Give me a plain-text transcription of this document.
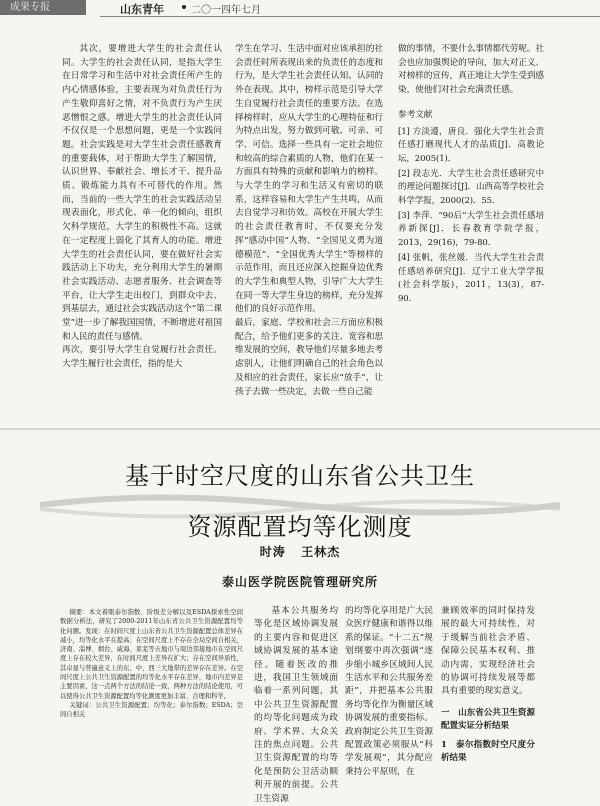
成果专报	山东青年	二〇一四年七月

其次，要增进大学生的社会责任认同。大学生的社会责任认同，是指大学生在日常学习和生活中对社会责任所产生的内心情感体验，主要表现为对负责任行为产生敬仰喜好之情，对不负责行为产生厌恶憎恨之感。增进大学生的社会责任认同不仅仅是一个思想问题，更是一个实践问题。社会实践是对大学生社会责任感教育的重要载体，对于帮助大学生了解国情，认识世界、奉献社会、增长才干、提升品质、锻炼能力具有不可替代的作用。然而，当前的一些大学生的社会实践活动呈现表面化，形式化、单一化的倾向，组织欠科学规范，大学生的积极性不高。这就在一定程度上弱化了其育人的功能。增进大学生的社会责任认同，要在做好社会实践活动上下功夫，充分利用大学生的暑期社会实践活动、志愿者服务、社会调查等平台，让大学生走出校门，到群众中去、到基层去，通过社会实践活动这个“第二课堂”进一步了解我国国情，不断增进对祖国和人民的责任与感情。
再次，要引导大学生自觉履行社会责任。大学生履行社会责任，指的是大

学生在学习、生活中面对应该承担的社会责任时所表现出来的负责任的态度和行为，是大学生社会责任认知、认同的外在表现。其中，榜样示范是引导大学生自觉履行社会责任的重要方法。在选择榜样时，应从大学生的心理特征和行为特点出发，努力做到可敬、可亲、可学、可信。选择一些具有一定社会地位和较高的综合素质的人物，他们在某一方面具有特殊的贡献和影响力的榜样。与大学生的学习和生活又有密切的联系，这样容易和大学生产生共鸣，从而去自觉学习和仿效。高校在开展大学生的社会责任教育时，不仅要充分发挥“感动中国”人物、“全国见义勇为道德模范”、“全国优秀大学生”等榜样的示范作用，而且还应深入挖掘身边优秀的大学生和典型人物，引导广大大学生在同一等大学生身边的榜样，充分发挥他们的良好示范作用。
最后，家庭、学校和社会三方面应积极配合，给予他们更多的关注、宽容和思维发展的空间，教导他们尽量多地去考虑别人，让他们明确自己的社会角色以及相应的社会责任，家长应“放手”，让孩子去做一些决定，去做一些自己能

做的事情，不要什么事情都代劳呢。社会也应加强舆论的导向，加大对正义、对榜样的宣传，真正地让大学生受到感染，使他们对社会充满责任感。

参考文献

[1] 方淡遵，唐良．强化大学生社会责任感打磨现代人才的品质[J]．高教论坛，2005(1)．

[2] 段志光．大学生社会责任感研究中的理论问题探讨[J]．山西高等学校社会科学学报，2000(2)．55．

[3] 李萍．“90后”大学生社会责任感培养新探[J]．长春教育学院学报，2013，29(16)，79-80．

[4] 张帆，张丝媛．当代大学生社会责任感培养研究[J]．辽宁工业大学学报(社会科学版)，2011，13(3)，87-90．

基于时空尺度的山东省公共卫生
资源配置均等化测度
时涛   王林杰
泰山医学院医院管理研究所

摘要：本文着眼泰尔指数、阶级差分解以及ESDA探索性空间数据分析法，研究了2000-2011年山东省公共卫生资源配置均等化问题。发现：在时间尺度上山东省公共卫生资源配置总体差异在减小，均等化水平在提高；在空间尺度上不存在全局空间自相关，济南、淄博、烟台、威海、莱芜等五地市与周边邻接地市在空间尺度上存在较大差异，在时间尺度上差异在扩大；存在空间异质性，其卓显与普遍意义上的东、中、西三大地带的差异存在差异。在空间尺度上公共卫生资源配置的均等化水平存在差异，地市内差异是主要因素，这一点两个方法的结论一致，两种方法的结论使用，可以使得公共卫生资源配置均等化测度更加丰富、合理和科学。

关键词：公共卫生资源配置；均等化；泰尔指数；ESDA；空间自相关

基本公共服务均等化是区域协调发展的主要内容和促进区域协调发展的基本途径。随着医改的推进，我国卫生领域面临着一系列问题，其中公共卫生资源配置的均等化问题成为政府、学术界、大众关注的焦点问题。公共卫生资源配置的均等化是预防公卫活动顺利开展的前提。公共卫生资源

的均等化享用是广大民众医疗健康和谐得以维系的保证。“十二五”规划纲要中再次强调“逐步缩小城乡区域间人民生活水平和公共服务差距”，并把基本公共服务均等化作为衡量区域协调发展的重要指标。政府制定公共卫生资源配置政策必须服从“科学发展观”，其分配应秉持公平原则，在

兼顾效率的同时保持发展的最大可持续性，对于缓解当前社会矛盾、保障公民基本权利、推动内需、实现经济社会的协调可持续发展等都具有重要的现实意义。

一　山东省公共卫生资源配置实证分析结果

1　泰尔指数时空尺度分析结果
